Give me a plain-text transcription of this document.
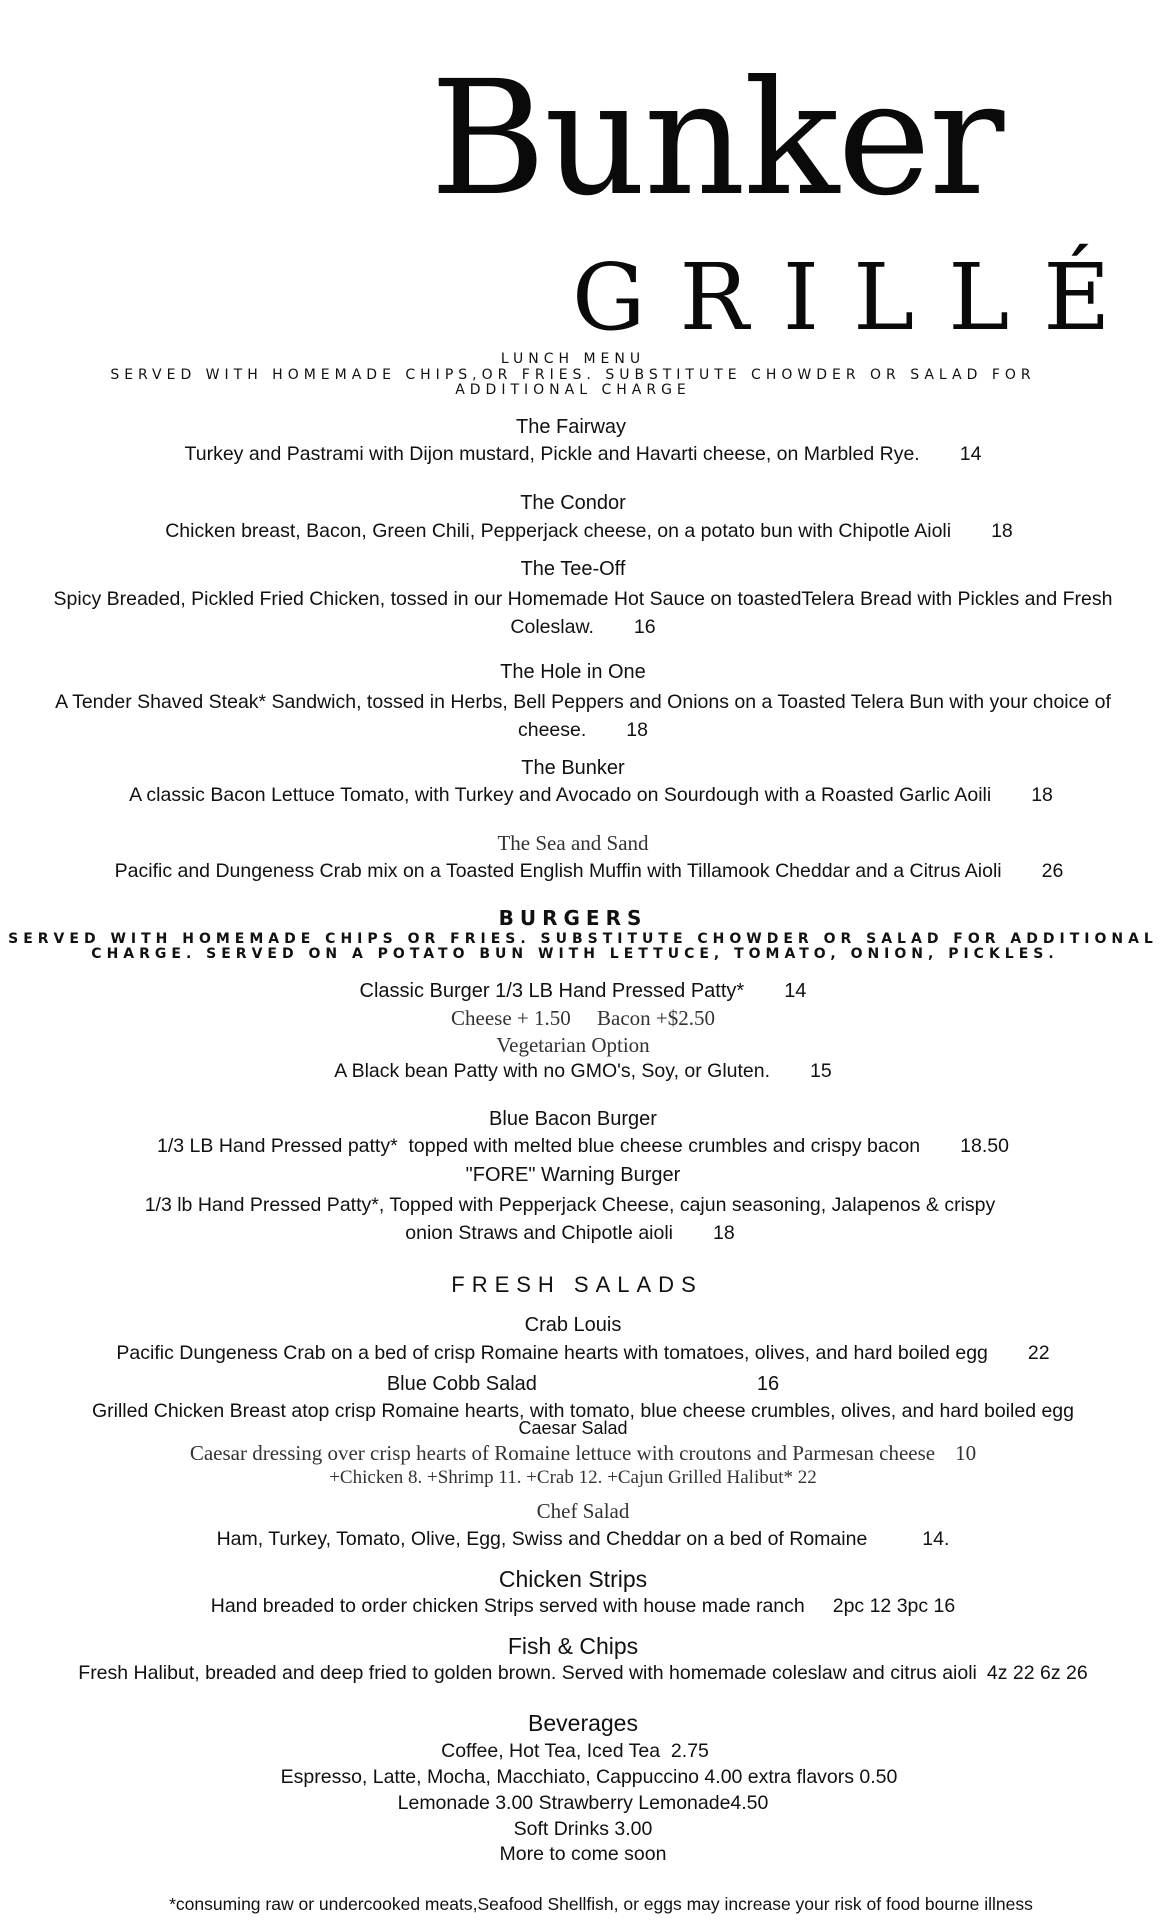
Bunker
GRILLÉ
LUNCH MENU
SERVED WITH HOMEMADE CHIPS,OR FRIES. SUBSTITUTE CHOWDER OR SALAD FOR
ADDITIONAL CHARGE
The Fairway
Turkey and Pastrami with Dijon mustard, Pickle and Havarti cheese, on Marbled Rye. 14
The Condor
Chicken breast, Bacon, Green Chili, Pepperjack cheese, on a potato bun with Chipotle Aioli 18
The Tee-Off
Spicy Breaded, Pickled Fried Chicken, tossed in our Homemade Hot Sauce on toastedTelera Bread with Pickles and Fresh Coleslaw. 16
The Hole in One
A Tender Shaved Steak* Sandwich, tossed in Herbs, Bell Peppers and Onions on a Toasted Telera Bun with your choice of cheese. 18
The Bunker
A classic Bacon Lettuce Tomato, with Turkey and Avocado on Sourdough with a Roasted Garlic Aoili 18
The Sea and Sand
Pacific and Dungeness Crab mix on a Toasted English Muffin with Tillamook Cheddar and a Citrus Aioli 26
BURGERS
SERVED WITH HOMEMADE CHIPS OR FRIES. SUBSTITUTE CHOWDER OR SALAD FOR ADDITIONAL
CHARGE. SERVED ON A POTATO BUN WITH LETTUCE, TOMATO, ONION, PICKLES.
Classic Burger 1/3 LB Hand Pressed Patty* 14
Cheese + 1.50     Bacon +$2.50
Vegetarian Option
A Black bean Patty with no GMO's, Soy, or Gluten. 15
Blue Bacon Burger
1/3 LB Hand Pressed patty*  topped with melted blue cheese crumbles and crispy bacon 18.50
"FORE" Warning Burger
1/3 lb Hand Pressed Patty*, Topped with Pepperjack Cheese, cajun seasoning, Jalapenos & crispy onion Straws and Chipotle aioli 18
FRESH SALADS
Crab Louis
Pacific Dungeness Crab on a bed of crisp Romaine hearts with tomatoes, olives, and hard boiled egg 22
Blue Cobb Salad	16
Grilled Chicken Breast atop crisp Romaine hearts, with tomato, blue cheese crumbles, olives, and hard boiled egg
Caesar Salad
Caesar dressing over crisp hearts of Romaine lettuce with croutons and Parmesan cheese 10
+Chicken 8. +Shrimp 11. +Crab 12. +Cajun Grilled Halibut* 22
Chef Salad
Ham, Turkey, Tomato, Olive, Egg, Swiss and Cheddar on a bed of Romaine	14.
Chicken Strips
Hand breaded to order chicken Strips served with house made ranch 2pc 12 3pc 16
Fish & Chips
Fresh Halibut, breaded and deep fried to golden brown. Served with homemade coleslaw and citrus aioli 4z 22 6z 26
Beverages
Coffee, Hot Tea, Iced Tea  2.75
Espresso, Latte, Mocha, Macchiato, Cappuccino 4.00 extra flavors 0.50
Lemonade 3.00 Strawberry Lemonade4.50
Soft Drinks 3.00
More to come soon
*consuming raw or undercooked meats,Seafood Shellfish, or eggs may increase your risk of food bourne illness
